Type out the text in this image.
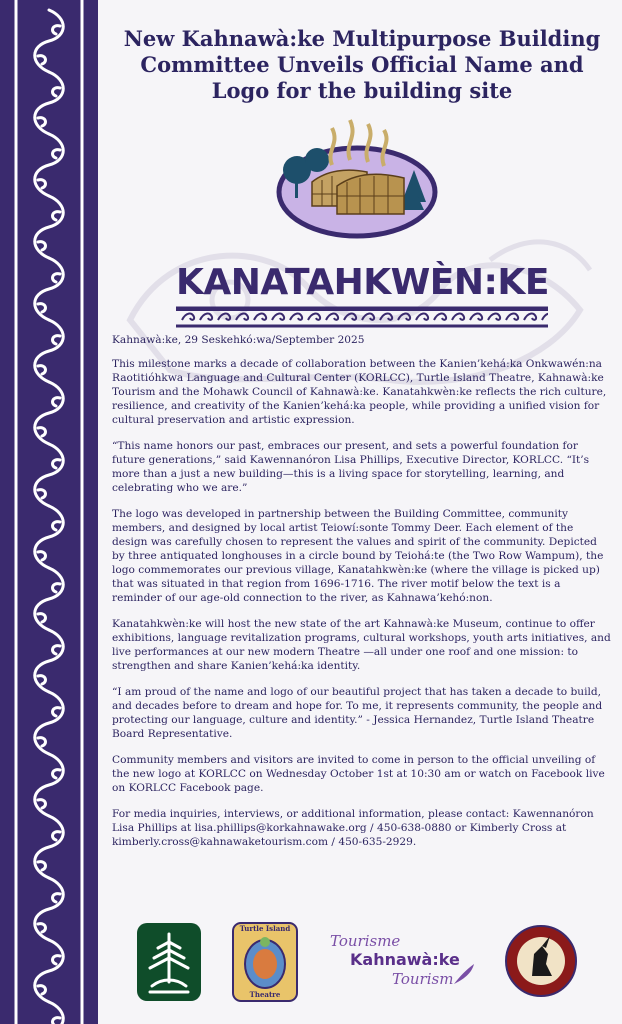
New Kahnawà:ke Multipurpose Building Committee Unveils Official Name and Logo for the building site
KANATAHKWÈN:KE

Kahnawà:ke, 29 Seskehkó:wa/September 2025

This milestone marks a decade of collaboration between the Kanien’kehá:ka Onkwawén:na Raotitióhkwa Language and Cultural Center (KORLCC), Turtle Island Theatre, Kahnawà:ke Tourism and the Mohawk Council of Kahnawà:ke. Kanatahkwèn:ke reflects the rich culture, resilience, and creativity of the Kanien’kehá:ka people, while providing a unified vision for cultural preservation and artistic expression.

“This name honors our past, embraces our present, and sets a powerful foundation for future generations,” said Kawennanóron Lisa Phillips, Executive Director, KORLCC. “It’s more than a just a new building—this is a living space for storytelling, learning, and celebrating who we are.”

The logo was developed in partnership between the Building Committee, community members, and designed by local artist Teiowí:sonte Tommy Deer. Each element of the design was carefully chosen to represent the values and spirit of the community. Depicted by three antiquated longhouses in a circle bound by Teiohá:te (the Two Row Wampum), the logo commemorates our previous village, Kanatahkwèn:ke (where the village is picked up) that was situated in that region from 1696-1716. The river motif below the text is a reminder of our age-old connection to the river, as Kahnawa’kehó:non.

Kanatahkwèn:ke will host the new state of the art Kahnawà:ke Museum, continue to offer exhibitions, language revitalization programs, cultural workshops, youth arts initiatives, and live performances at our new modern Theatre —all under one roof and one mission: to strengthen and share Kanien’kehá:ka identity.

“I am proud of the name and logo of our beautiful project that has taken a decade to build, and decades before to dream and hope for. To me, it represents community, the people and protecting our language, culture and identity.” - Jessica Hernandez, Turtle Island Theatre Board Representative.

Community members and visitors are invited to come in person to the official unveiling of the new logo at KORLCC on Wednesday October 1st at 10:30 am or watch on Facebook live on KORLCC Facebook page.

For media inquiries, interviews, or additional information, please contact: Kawennanóron Lisa Phillips at lisa.phillips@korkahnawake.org / 450-638-0880 or Kimberly Cross at kimberly.cross@kahnawaketourism.com / 450-635-2929.

Turtle Island
Theatre
Tourisme
Kahnawà:ke
Tourism
